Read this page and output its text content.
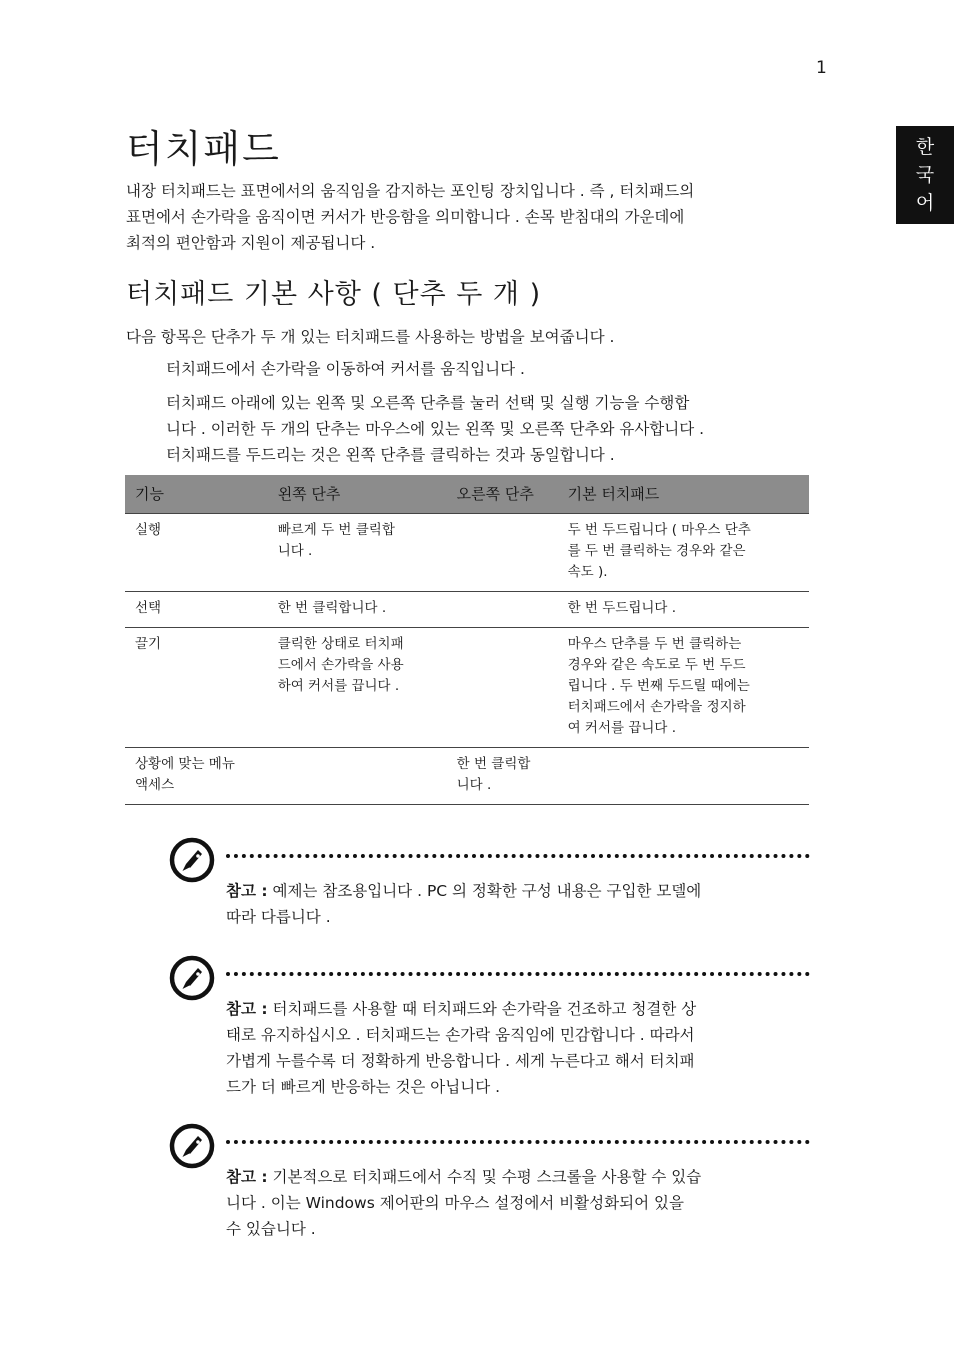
1
한
국
어
터치패드

내장 터치패드는 표면에서의 움직임을 감지하는 포인팅 장치입니다 . 즉 , 터치패드의
표면에서 손가락을 움직이면 커서가 반응함을 의미합니다 . 손목 받침대의 가운데에
최적의 편안함과 지원이 제공됩니다 .

터치패드 기본 사항 ( 단추 두 개 )

다음 항목은 단추가 두 개 있는 터치패드를 사용하는 방법을 보여줍니다 .

터치패드에서 손가락을 이동하여 커서를 움직입니다 .

터치패드 아래에 있는 왼쪽 및 오른쪽 단추를 눌러 선택 및 실행 기능을 수행합
니다 . 이러한 두 개의 단추는 마우스에 있는 왼쪽 및 오른쪽 단추와 유사합니다 .
터치패드를 두드리는 것은 왼쪽 단추를 클릭하는 것과 동일합니다 .

기능	왼쪽 단추	오른쪽 단추	기본 터치패드
실행	빠르게 두 번 클릭합
니다 .		두 번 두드립니다 ( 마우스 단추
를 두 번 클릭하는 경우와 같은
속도 ).
선택	한 번 클릭합니다 .		한 번 두드립니다 .
끌기	클릭한 상태로 터치패
드에서 손가락을 사용
하여 커서를 끕니다 .		마우스 단추를 두 번 클릭하는
경우와 같은 속도로 두 번 두드
립니다 . 두 번째 두드릴 때에는
터치패드에서 손가락을 정지하
여 커서를 끕니다 .
상황에 맞는 메뉴
액세스		한 번 클릭합
니다 .	

참고 : 예제는 참조용입니다 . PC 의 정확한 구성 내용은 구입한 모델에
따라 다릅니다 .

참고 : 터치패드를 사용할 때 터치패드와 손가락을 건조하고 청결한 상
태로 유지하십시오 . 터치패드는 손가락 움직임에 민감합니다 . 따라서
가볍게 누를수록 더 정확하게 반응합니다 . 세게 누른다고 해서 터치패
드가 더 빠르게 반응하는 것은 아닙니다 .

참고 : 기본적으로 터치패드에서 수직 및 수평 스크롤을 사용할 수 있습
니다 . 이는 Windows 제어판의 마우스 설정에서 비활성화되어 있을
수 있습니다 .
